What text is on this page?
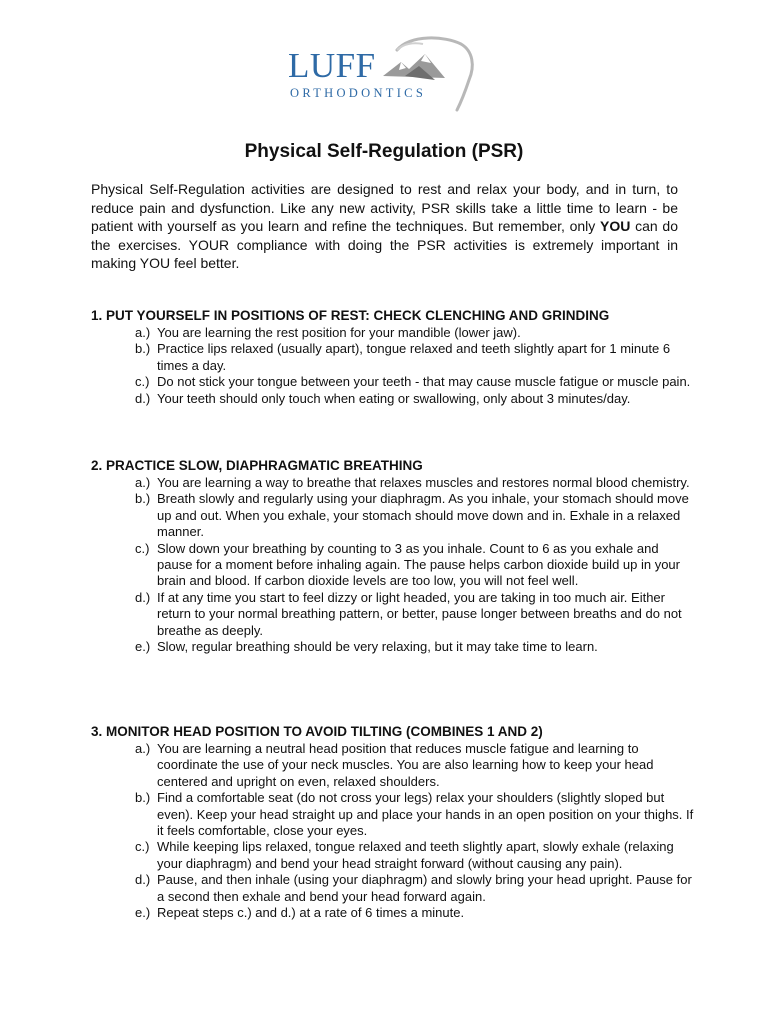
LUFF
ORTHODONTICS
Physical Self-Regulation (PSR)

Physical Self-Regulation activities are designed to rest and relax your body, and in turn, to reduce pain and dysfunction. Like any new activity, PSR skills take a little time to learn - be patient with yourself as you learn and refine the techniques. But remember, only YOU can do the exercises. YOUR compliance with doing the PSR activities is extremely important in making YOU feel better.

1. PUT YOURSELF IN POSITIONS OF REST: CHECK CLENCHING AND GRINDING
a.) You are learning the rest position for your mandible (lower jaw).
b.) Practice lips relaxed (usually apart), tongue relaxed and teeth slightly apart for 1 minute 6 times a day.
c.) Do not stick your tongue between your teeth - that may cause muscle fatigue or muscle pain.
d.) Your teeth should only touch when eating or swallowing, only about 3 minutes/day.
2. PRACTICE SLOW, DIAPHRAGMATIC BREATHING
a.) You are learning a way to breathe that relaxes muscles and restores normal blood chemistry.
b.) Breath slowly and regularly using your diaphragm. As you inhale, your stomach should move up and out. When you exhale, your stomach should move down and in. Exhale in a relaxed manner.
c.) Slow down your breathing by counting to 3 as you inhale. Count to 6 as you exhale and pause for a moment before inhaling again. The pause helps carbon dioxide build up in your brain and blood. If carbon dioxide levels are too low, you will not feel well.
d.) If at any time you start to feel dizzy or light headed, you are taking in too much air. Either return to your normal breathing pattern, or better, pause longer between breaths and do not breathe as deeply.
e.) Slow, regular breathing should be very relaxing, but it may take time to learn.
3. MONITOR HEAD POSITION TO AVOID TILTING (COMBINES 1 AND 2)
a.) You are learning a neutral head position that reduces muscle fatigue and learning to coordinate the use of your neck muscles. You are also learning how to keep your head centered and upright on even, relaxed shoulders.
b.) Find a comfortable seat (do not cross your legs) relax your shoulders (slightly sloped but even). Keep your head straight up and place your hands in an open position on your thighs. If it feels comfortable, close your eyes.
c.) While keeping lips relaxed, tongue relaxed and teeth slightly apart, slowly exhale (relaxing your diaphragm) and bend your head straight forward (without causing any pain).
d.) Pause, and then inhale (using your diaphragm) and slowly bring your head upright. Pause for a second then exhale and bend your head forward again.
e.) Repeat steps c.) and d.) at a rate of 6 times a minute.
